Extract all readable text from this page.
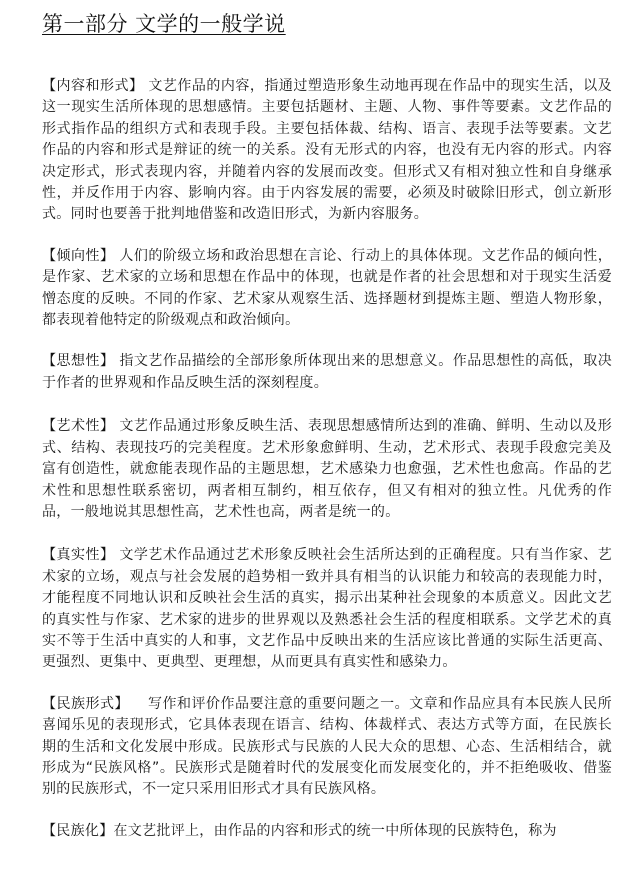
第一部分 文学的一般学说

【内容和形式】 文艺作品的内容，指通过塑造形象生动地再现在作品中的现实生活，以及这一现实生活所体现的思想感情。主要包括题材、主题、人物、事件等要素。文艺作品的形式指作品的组织方式和表现手段。主要包括体裁、结构、语言、表现手法等要素。文艺作品的内容和形式是辩证的统一的关系。没有无形式的内容，也没有无内容的形式。内容决定形式，形式表现内容，并随着内容的发展而改变。但形式又有相对独立性和自身继承性，并反作用于内容、影响内容。由于内容发展的需要，必须及时破除旧形式，创立新形式。同时也要善于批判地借鉴和改造旧形式，为新内容服务。

【倾向性】 人们的阶级立场和政治思想在言论、行动上的具体体现。文艺作品的倾向性，是作家、艺术家的立场和思想在作品中的体现，也就是作者的社会思想和对于现实生活爱憎态度的反映。不同的作家、艺术家从观察生活、选择题材到提炼主题、塑造人物形象，都表现着他特定的阶级观点和政治倾向。

【思想性】 指文艺作品描绘的全部形象所体现出来的思想意义。作品思想性的高低，取决于作者的世界观和作品反映生活的深刻程度。

【艺术性】 文艺作品通过形象反映生活、表现思想感情所达到的准确、鲜明、生动以及形式、结构、表现技巧的完美程度。艺术形象愈鲜明、生动，艺术形式、表现手段愈完美及富有创造性，就愈能表现作品的主题思想，艺术感染力也愈强，艺术性也愈高。作品的艺术性和思想性联系密切，两者相互制约，相互依存，但又有相对的独立性。凡优秀的作品，一般地说其思想性高，艺术性也高，两者是统一的。

【真实性】 文学艺术作品通过艺术形象反映社会生活所达到的正确程度。只有当作家、艺术家的立场，观点与社会发展的趋势相一致并具有相当的认识能力和较高的表现能力时，才能程度不同地认识和反映社会生活的真实，揭示出某种社会现象的本质意义。因此文艺的真实性与作家、艺术家的进步的世界观以及熟悉社会生活的程度相联系。文学艺术的真实不等于生活中真实的人和事，文艺作品中反映出来的生活应该比普通的实际生活更高、更强烈、更集中、更典型、更理想，从而更具有真实性和感染力。

【民族形式】 写作和评价作品要注意的重要问题之一。文章和作品应具有本民族人民所喜闻乐见的表现形式，它具体表现在语言、结构、体裁样式、表达方式等方面，在民族长期的生活和文化发展中形成。民族形式与民族的人民大众的思想、心态、生活相结合，就形成为“民族风格”。民族形式是随着时代的发展变化而发展变化的，并不拒绝吸收、借鉴别的民族形式，不一定只采用旧形式才具有民族风格。

【民族化】在文艺批评上，由作品的内容和形式的统一中所体现的民族特色，称为
